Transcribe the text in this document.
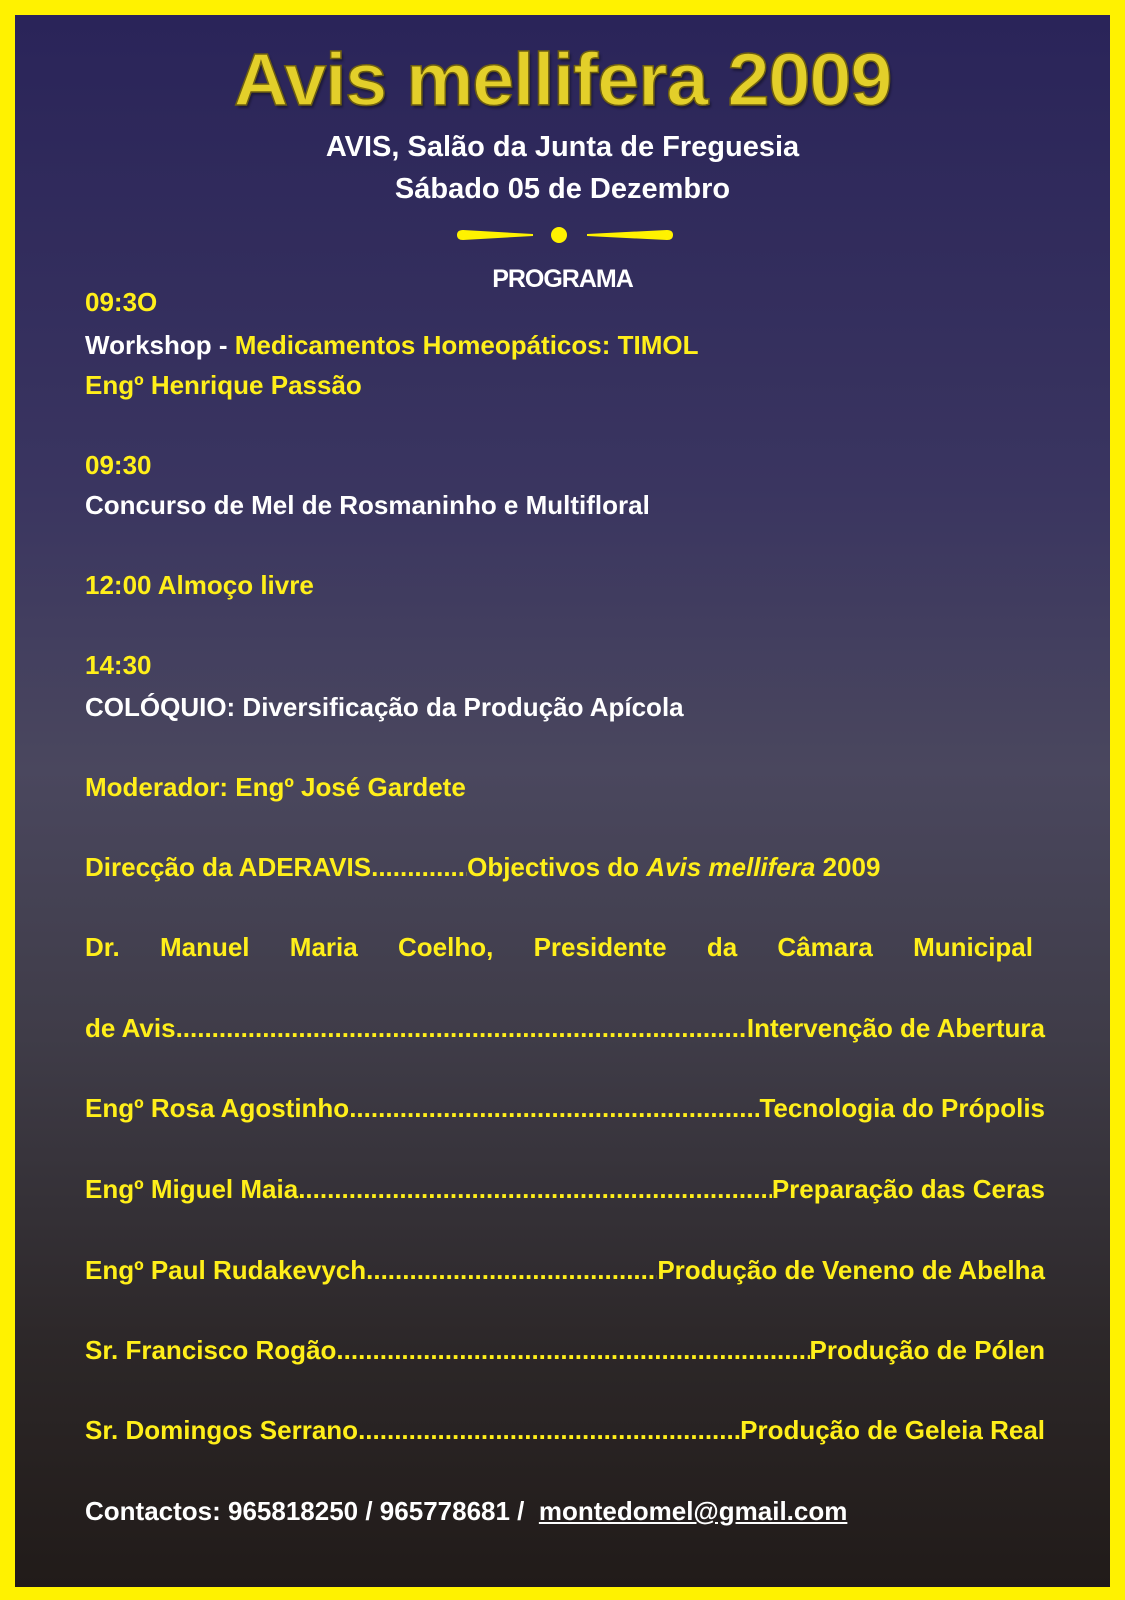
Avis mellifera 2009
AVIS, Salão da Junta de Freguesia
Sábado 05 de Dezembro
PROGRAMA
09:3O
Workshop - Medicamentos Homeopáticos: TIMOL
Engº Henrique Passão
09:30
Concurso de Mel de Rosmaninho e Multifloral
12:00 Almoço livre
14:30
COLÓQUIO: Diversificação da Produção Apícola
Moderador: Engº José Gardete
Direcção da ADERAVIS .....	Objectivos do Avis mellifera 2009
Dr. Manuel Maria Coelho, Presidente da Câmara Municipal
de Avis .....	Intervenção de Abertura
Engº Rosa Agostinho .....	Tecnologia do Própolis
Engº Miguel Maia .....	Preparação das Ceras
Engº Paul Rudakevych .....	Produção de Veneno de Abelha
Sr. Francisco Rogão .....	Produção de Pólen
Sr. Domingos Serrano .....	Produção de Geleia Real
Contactos: 965818250 / 965778681 /  montedomel@gmail.com
